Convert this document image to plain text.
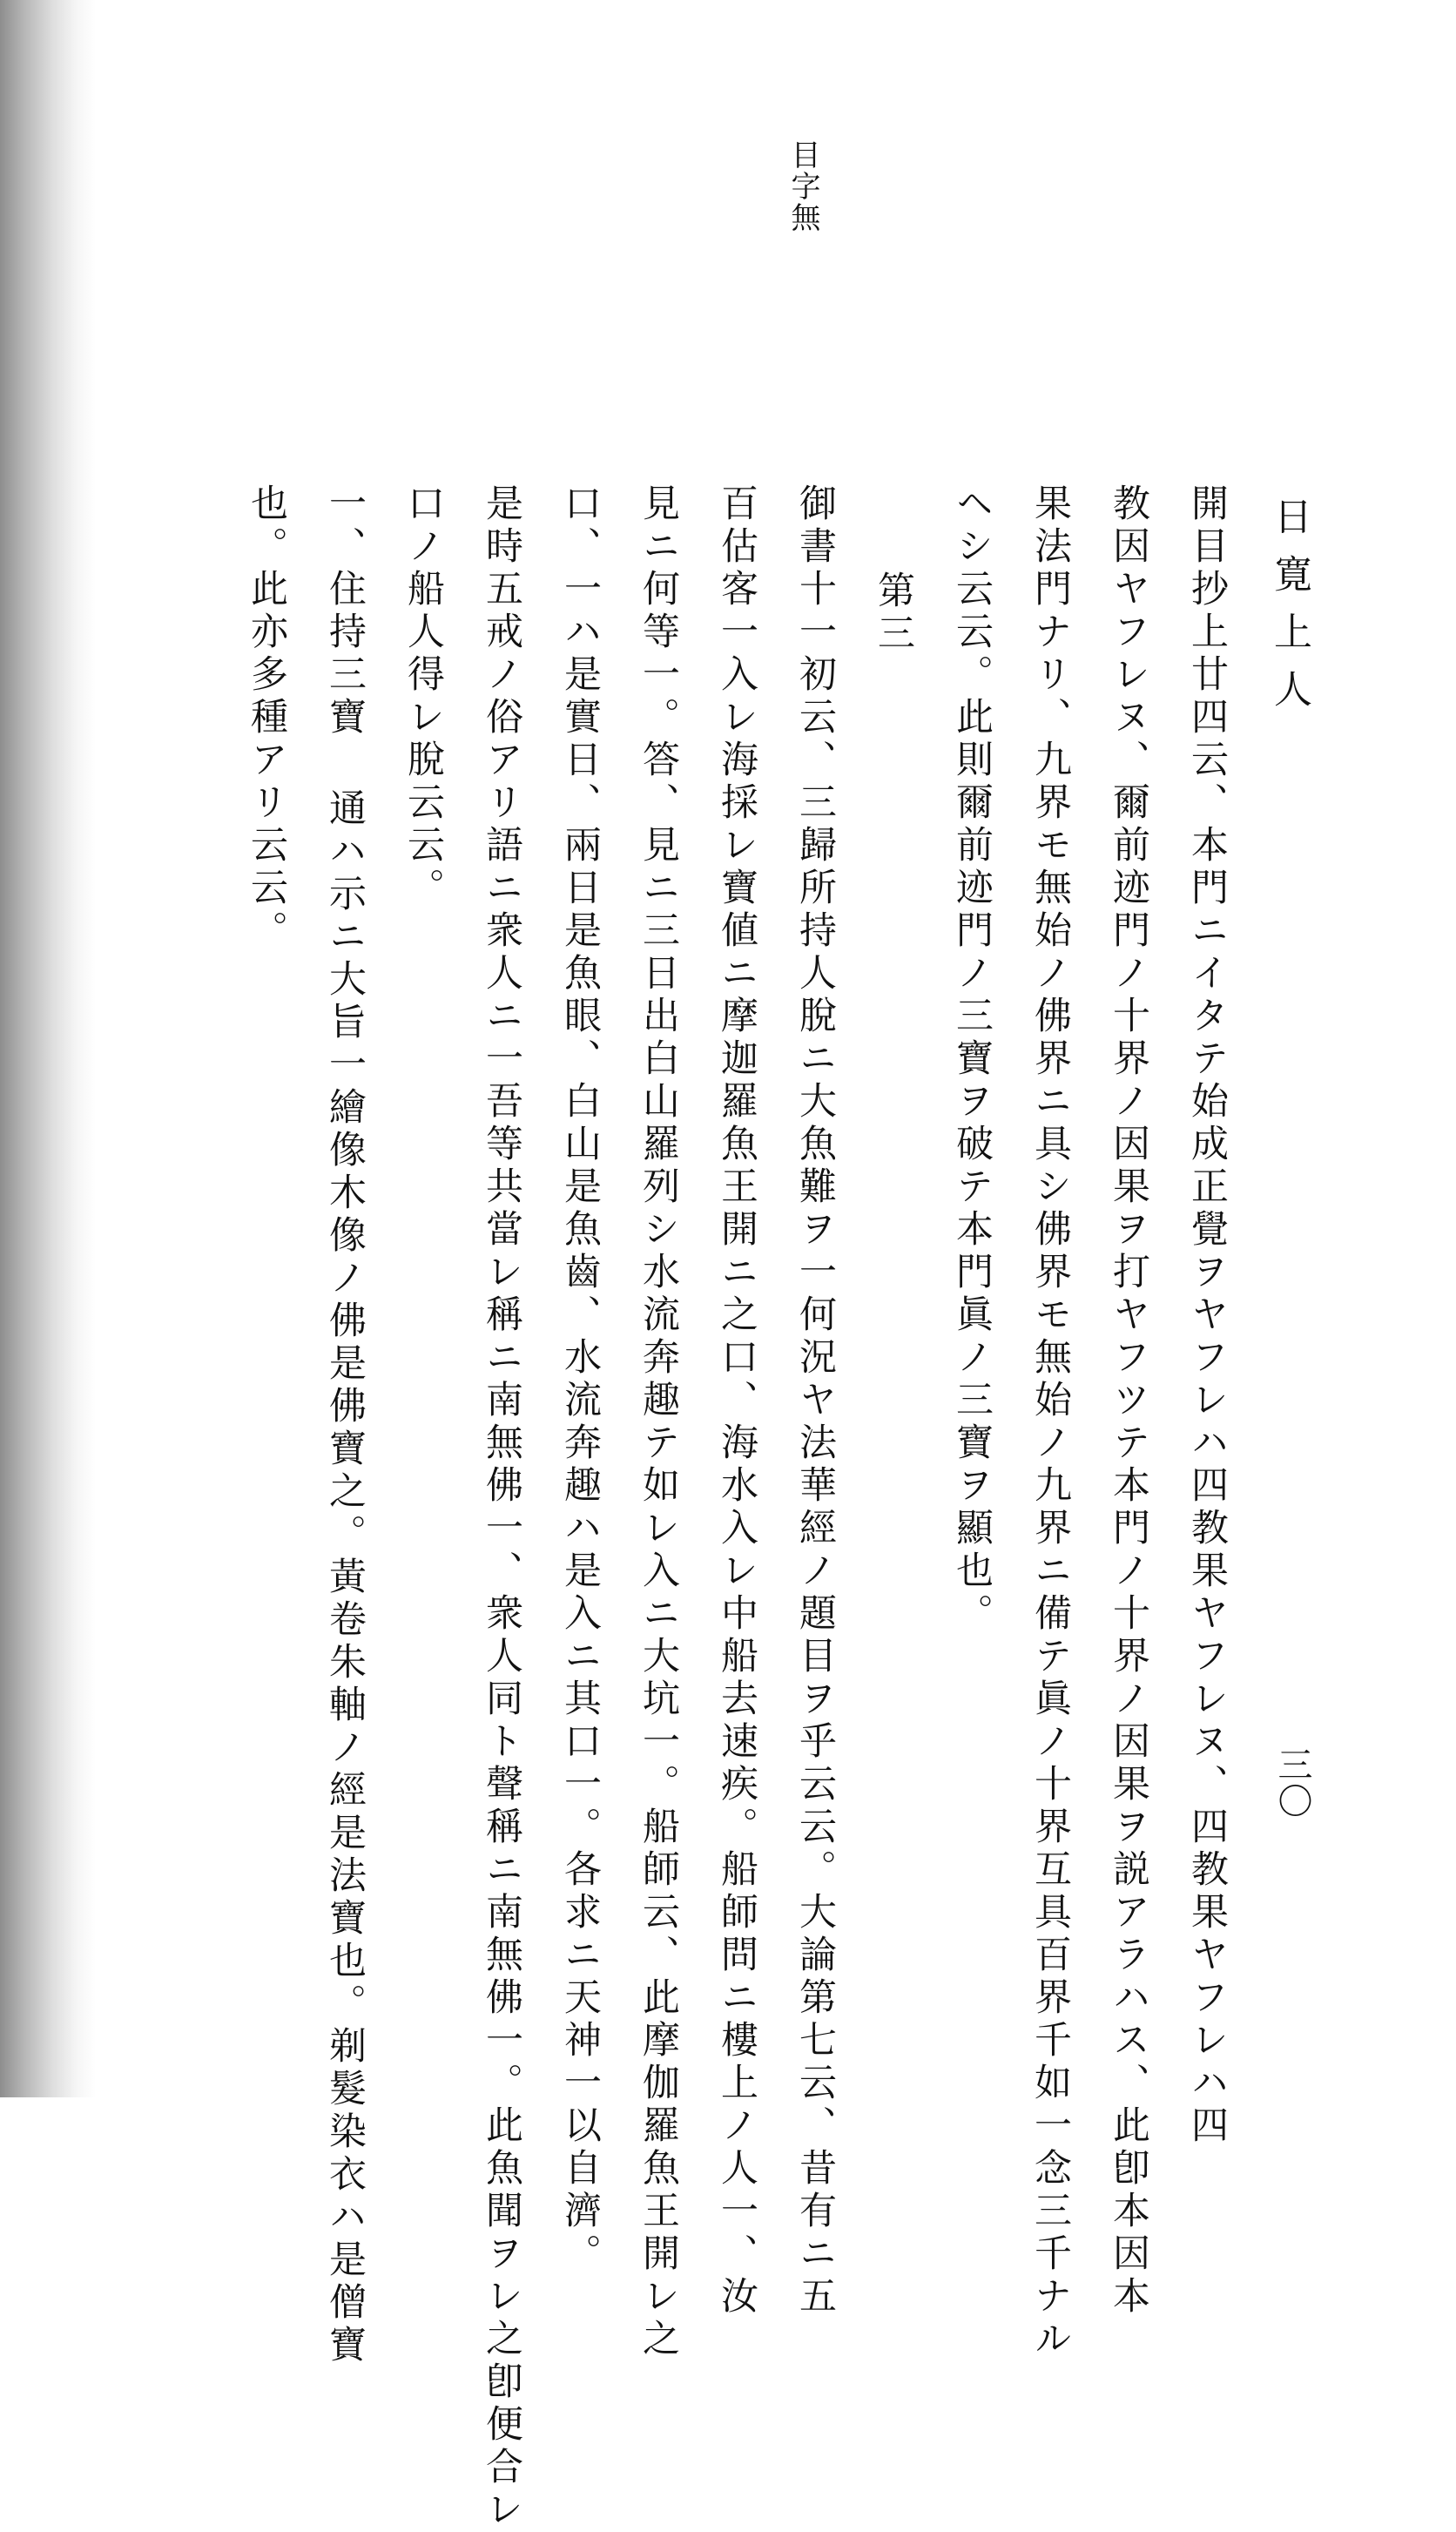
日寛上人
三〇
目字無
開目抄上廿四云、本門ニイタテ始成正覺ヲヤフレハ四教果ヤフレヌ、四教果ヤフレハ四
教因ヤフレヌ、爾前迹門ノ十界ノ因果ヲ打ヤフツテ本門ノ十界ノ因果ヲ説アラハス、此卽本因本
果法門ナリ、九界モ無始ノ佛界ニ具シ佛界モ無始ノ九界ニ備テ眞ノ十界互具百界千如一念三千ナル
ヘシ云云。此則爾前迹門ノ三寶ヲ破テ本門眞ノ三寶ヲ顯也。
第三
御書十一初云、三歸所持人脫ニ大魚難ヲ一何況ヤ法華經ノ題目ヲ乎云云。大論第七云、昔有ニ五
百估客一入レ海採レ寶値ニ摩迦羅魚王開ニ之口、海水入レ中船去速疾。船師問ニ樓上ノ人一、汝
見ニ何等一。答、見ニ三日出白山羅列シ水流奔趣テ如レ入ニ大坑一。船師云、此摩伽羅魚王開レ之
口、一ハ是實日、兩日是魚眼、白山是魚齒、水流奔趣ハ是入ニ其口一。各求ニ天神一以自濟。
是時五戒ノ俗アリ語ニ衆人ニ一吾等共當レ稱ニ南無佛一、衆人同ト聲稱ニ南無佛一。此魚聞ヲレ之卽便合レ
口ノ船人得レ脫云云。
一、住持三寶 通ハ示ニ大旨一繪像木像ノ佛是佛寶之。黃卷朱軸ノ經是法寶也。剃髮染衣ハ是僧寶
也。此亦多種アリ云云。
